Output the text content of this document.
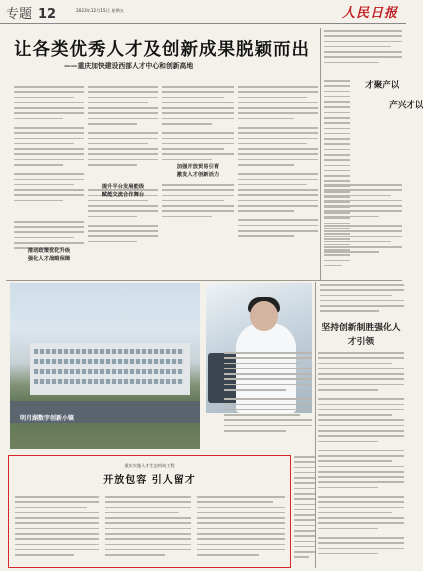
专题 12	2023年12月15日 星期五	人民日报
让各类优秀人才及创新成果脱颖而出
——重庆加快建设西部人才中心和创新高地
推动政策优化升级
强化人才战略保障
提升平台发展能级
赋能交流合作舞台
加强开放贸易引育
激发人才创新活力
以产聚才
以才兴产
明月湖数字创新小镇
坚持创新制胜强化人才引领
重庆实施人才生态构筑工程
开放包容 引人留才
